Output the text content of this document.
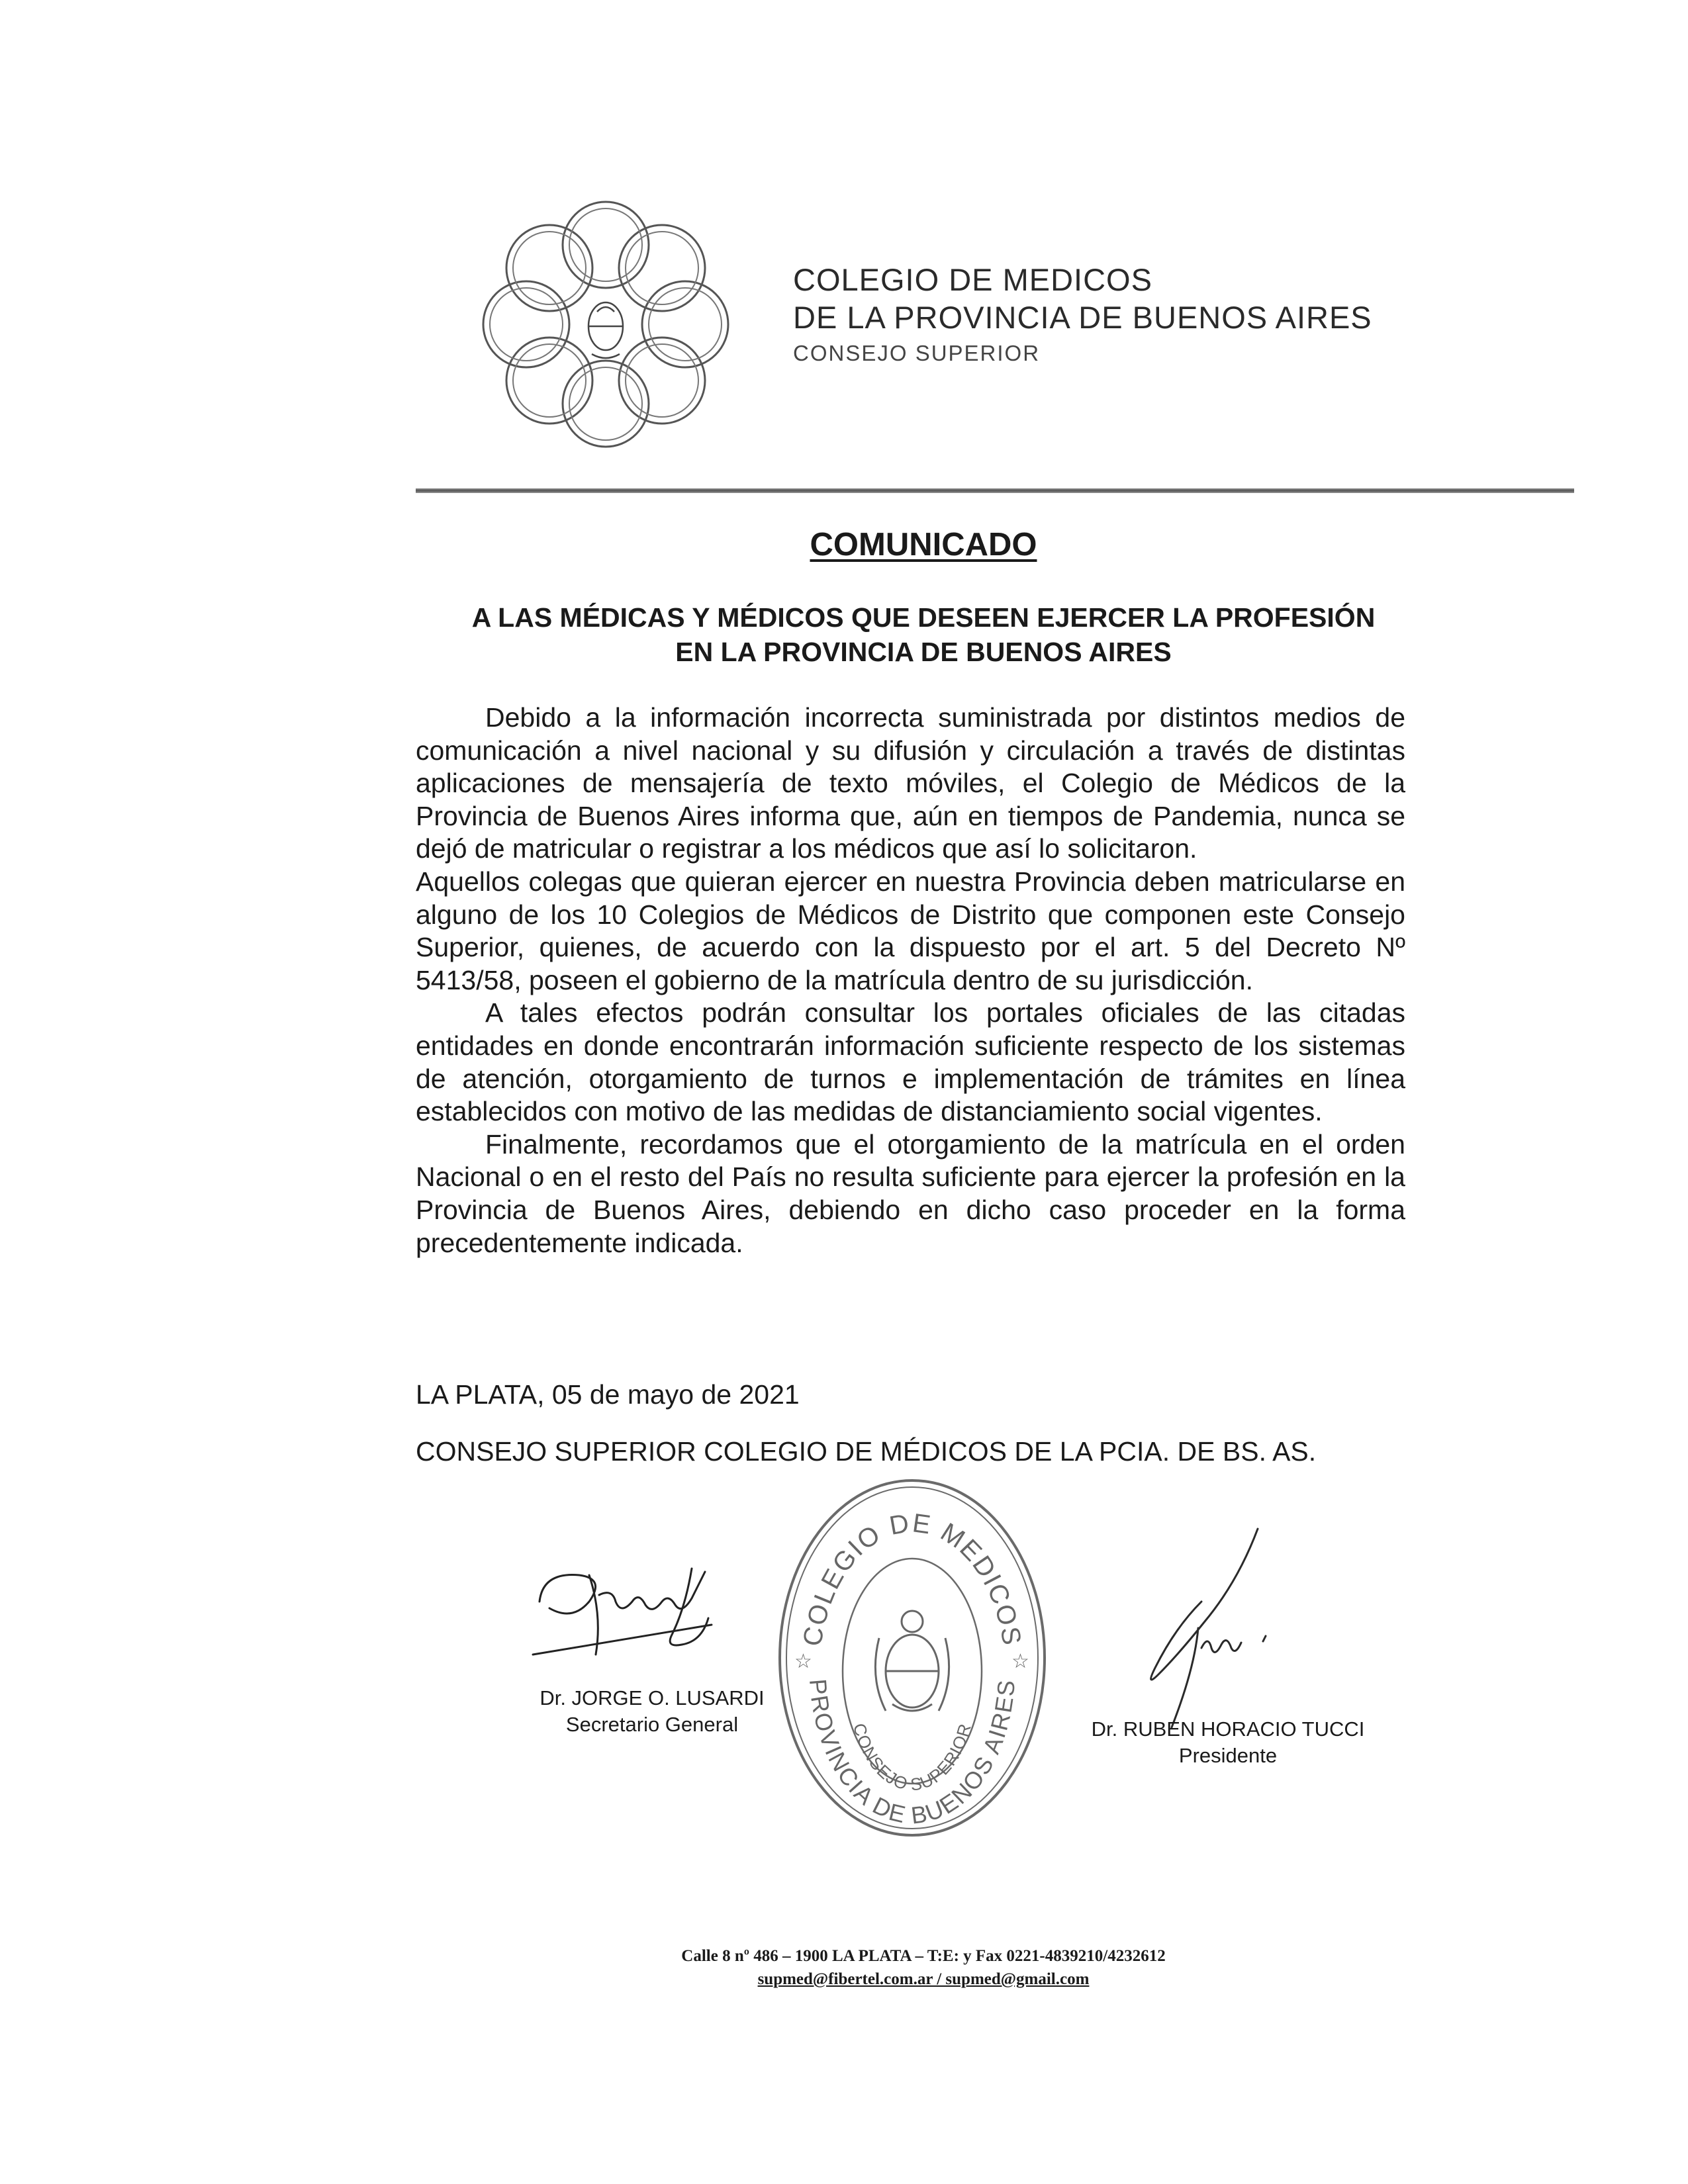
COLEGIO DE MEDICOS
DE LA PROVINCIA DE BUENOS AIRES
CONSEJO SUPERIOR
COMUNICADO
A LAS MÉDICAS Y MÉDICOS QUE DESEEN EJERCER LA PROFESIÓN
EN LA PROVINCIA DE BUENOS AIRES

Debido a la información incorrecta suministrada por distintos medios de comunicación a nivel nacional y su difusión y circulación a través de distintas aplicaciones de mensajería de texto móviles, el Colegio de Médicos de la Provincia de Buenos Aires informa que, aún en tiempos de Pandemia, nunca se dejó de matricular o registrar a los médicos que así lo solicitaron.

Aquellos colegas que quieran ejercer en nuestra Provincia deben matricularse en alguno de los 10 Colegios de Médicos de Distrito que componen este Consejo Superior, quienes, de acuerdo con la dispuesto por el art. 5 del Decreto Nº 5413/58, poseen el gobierno de la matrícula dentro de su jurisdicción.

A tales efectos podrán consultar los portales oficiales de las citadas entidades en donde encontrarán información suficiente respecto de los sistemas de atención, otorgamiento de turnos e implementación de trámites en línea establecidos con motivo de las medidas de distanciamiento social vigentes.

Finalmente, recordamos que el otorgamiento de la matrícula en el orden Nacional o en el resto del País no resulta suficiente para ejercer la profesión en la Provincia de Buenos Aires, debiendo en dicho caso proceder en la forma precedentemente indicada.

LA PLATA, 05 de mayo de 2021
CONSEJO SUPERIOR COLEGIO DE MÉDICOS DE LA PCIA. DE BS. AS.
Dr. JORGE O. LUSARDI
Secretario General
COLEGIO DE MEDICOS
PROVINCIA DE BUENOS AIRES
CONSEJO SUPERIOR
☆	☆
Dr. RUBEN HORACIO TUCCI
Presidente
Calle 8 nº 486 – 1900 LA PLATA – T:E: y Fax 0221-4839210/4232612
supmed@fibertel.com.ar / supmed@gmail.com
